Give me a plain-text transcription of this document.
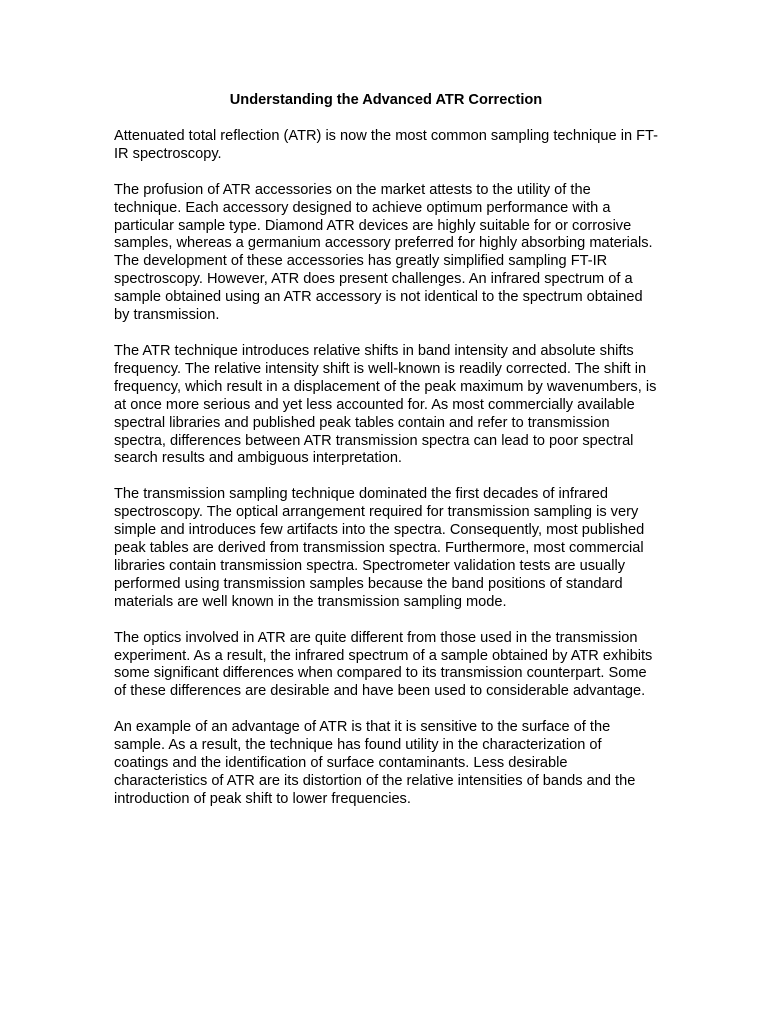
Understanding the Advanced ATR Correction

Attenuated total reflection (ATR) is now the most common sampling technique in FT-IR spectroscopy.

The profusion of ATR accessories on the market attests to the utility of the technique. Each accessory designed to achieve optimum performance with a particular sample type. Diamond ATR devices are highly suitable for or corrosive samples, whereas a germanium accessory preferred for highly absorbing materials. The development of these accessories has greatly simplified sampling FT-IR spectroscopy. However, ATR does present challenges. An infrared spectrum of a sample obtained using an ATR accessory is not identical to the spectrum obtained by transmission.

The ATR technique introduces relative shifts in band intensity and absolute shifts frequency. The relative intensity shift is well-known is readily corrected. The shift in frequency, which result in a displacement of the peak maximum by wavenumbers, is at once more serious and yet less accounted for. As most commercially available spectral libraries and published peak tables contain and refer to transmission spectra, differences between ATR transmission spectra can lead to poor spectral search results and ambiguous interpretation.

The transmission sampling technique dominated the first decades of infrared spectroscopy. The optical arrangement required for transmission sampling is very simple and introduces few artifacts into the spectra. Consequently, most published peak tables are derived from transmission spectra. Furthermore, most commercial libraries contain transmission spectra. Spectrometer validation tests are usually performed using transmission samples because the band positions of standard materials are well known in the transmission sampling mode.

The optics involved in ATR are quite different from those used in the transmission experiment. As a result, the infrared spectrum of a sample obtained by ATR exhibits some significant differences when compared to its transmission counterpart. Some of these differences are desirable and have been used to considerable advantage.

An example of an advantage of ATR is that it is sensitive to the surface of the sample. As a result, the technique has found utility in the characterization of coatings and the identification of surface contaminants. Less desirable characteristics of ATR are its distortion of the relative intensities of bands and the introduction of peak shift to lower frequencies.
